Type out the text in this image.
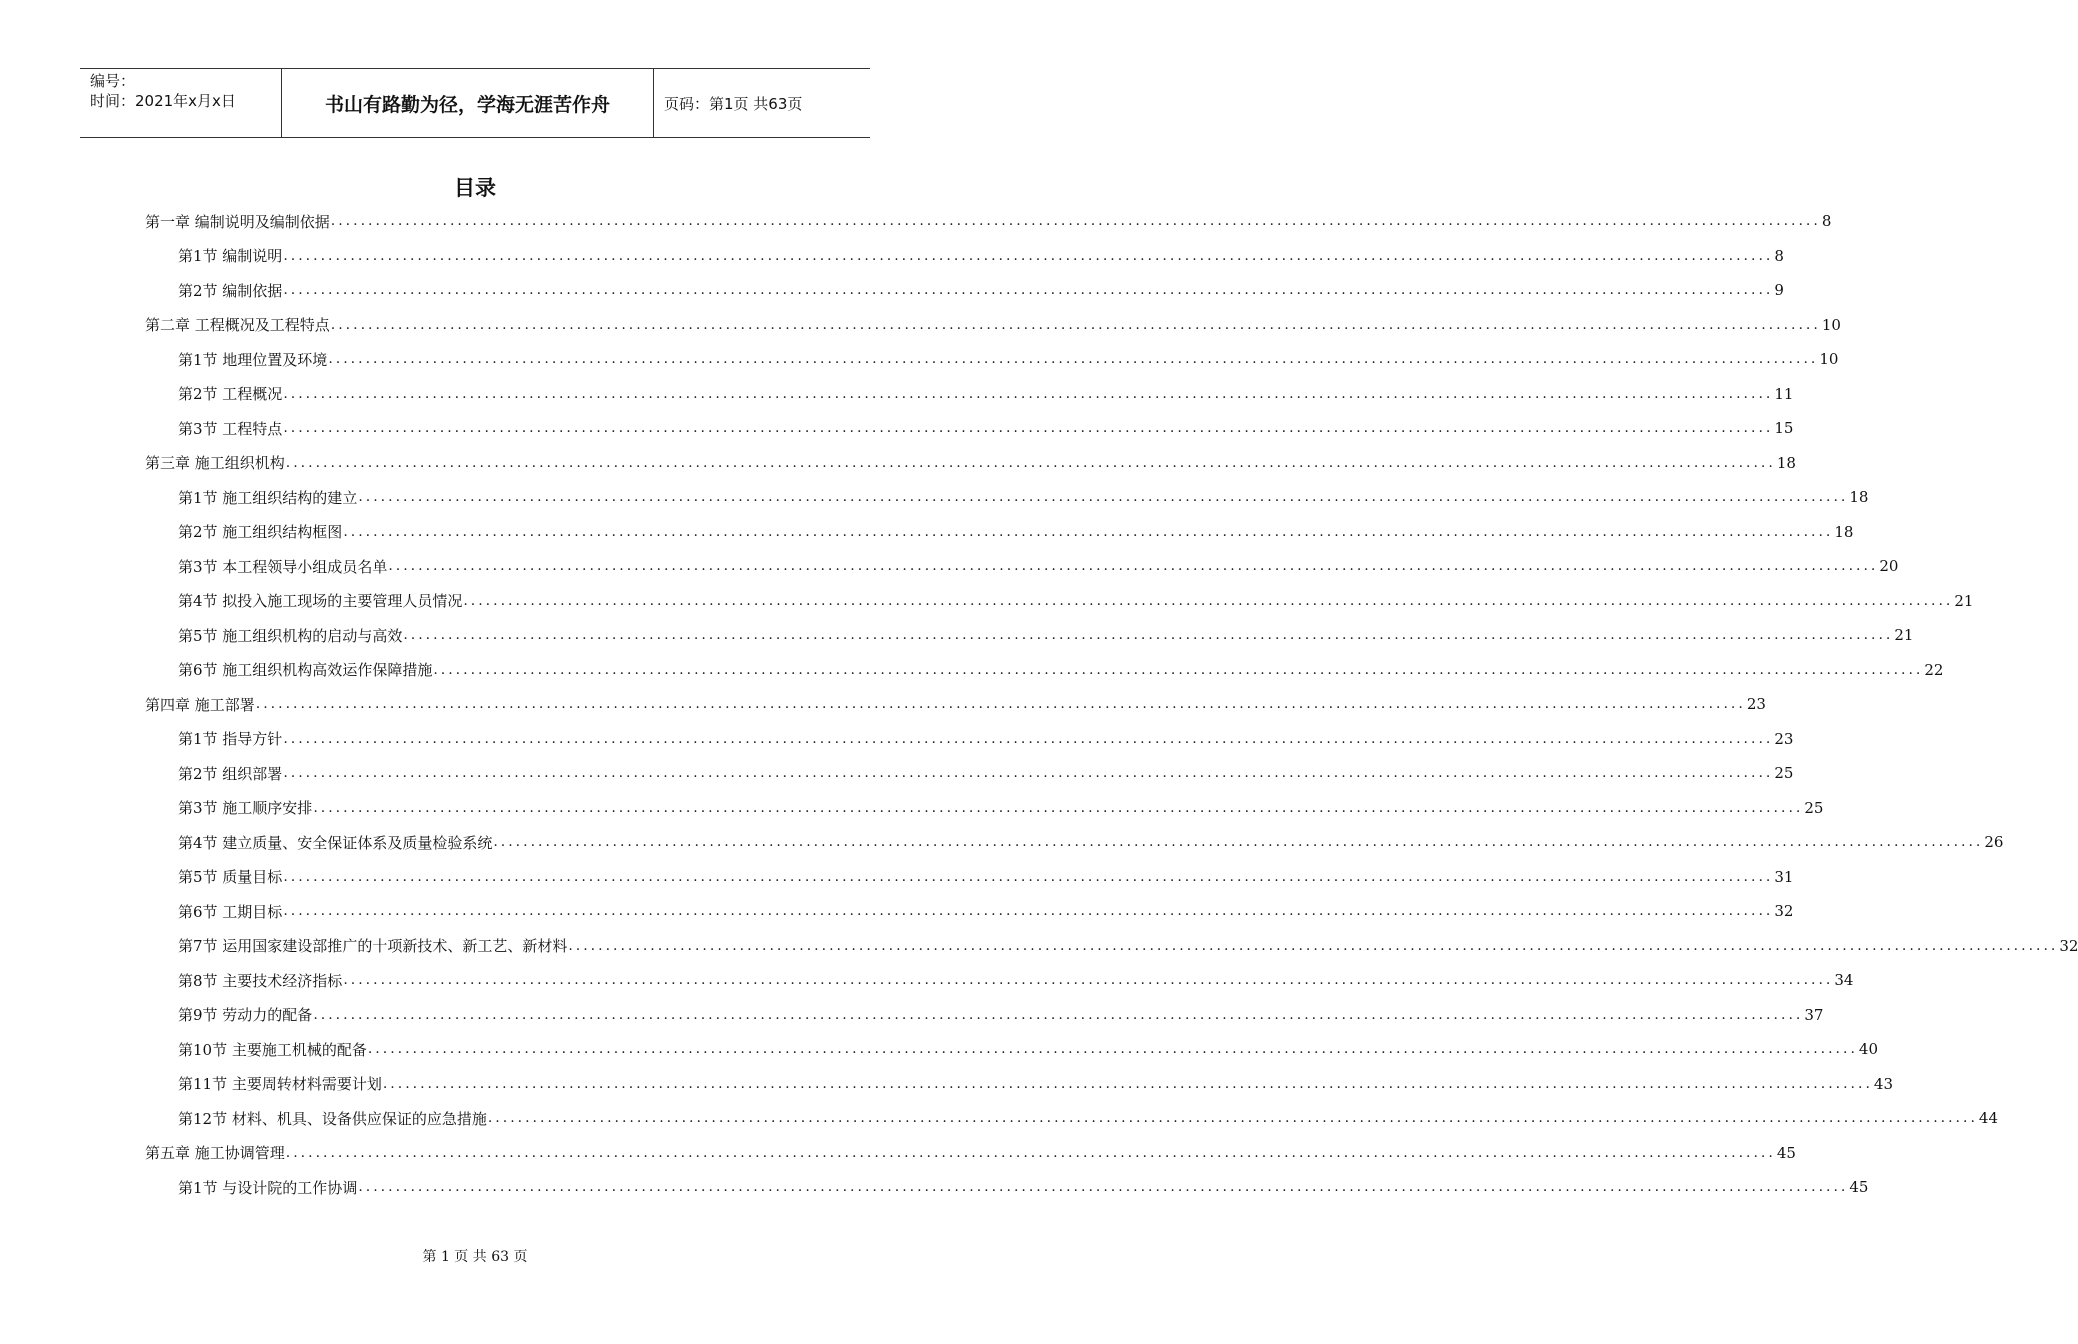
编号：
时间：2021年x月x日	书山有路勤为径，学海无涯苦作舟	页码：第1页 共63页
目录
第一章 编制说明及编制依据 ........................................................................................................................................................................................................ 8
第1节 编制说明 ........................................................................................................................................................................................................ 8
第2节 编制依据 ........................................................................................................................................................................................................ 9
第二章 工程概况及工程特点 ........................................................................................................................................................................................................ 10
第1节 地理位置及环境 ........................................................................................................................................................................................................ 10
第2节 工程概况 ........................................................................................................................................................................................................ 11
第3节 工程特点 ........................................................................................................................................................................................................ 15
第三章 施工组织机构 ........................................................................................................................................................................................................ 18
第1节 施工组织结构的建立 ........................................................................................................................................................................................................ 18
第2节 施工组织结构框图 ........................................................................................................................................................................................................ 18
第3节 本工程领导小组成员名单 ........................................................................................................................................................................................................ 20
第4节 拟投入施工现场的主要管理人员情况 ........................................................................................................................................................................................................ 21
第5节 施工组织机构的启动与高效 ........................................................................................................................................................................................................ 21
第6节 施工组织机构高效运作保障措施 ........................................................................................................................................................................................................ 22
第四章 施工部署 ........................................................................................................................................................................................................ 23
第1节 指导方针 ........................................................................................................................................................................................................ 23
第2节 组织部署 ........................................................................................................................................................................................................ 25
第3节 施工顺序安排 ........................................................................................................................................................................................................ 25
第4节 建立质量、安全保证体系及质量检验系统 ........................................................................................................................................................................................................ 26
第5节 质量目标 ........................................................................................................................................................................................................ 31
第6节 工期目标 ........................................................................................................................................................................................................ 32
第7节 运用国家建设部推广的十项新技术、新工艺、新材料 ........................................................................................................................................................................................................ 32
第8节 主要技术经济指标 ........................................................................................................................................................................................................ 34
第9节 劳动力的配备 ........................................................................................................................................................................................................ 37
第10节 主要施工机械的配备 ........................................................................................................................................................................................................ 40
第11节 主要周转材料需要计划 ........................................................................................................................................................................................................ 43
第12节 材料、机具、设备供应保证的应急措施 ........................................................................................................................................................................................................ 44
第五章 施工协调管理 ........................................................................................................................................................................................................ 45
第1节 与设计院的工作协调 ........................................................................................................................................................................................................ 45
第 1 页 共 63 页
